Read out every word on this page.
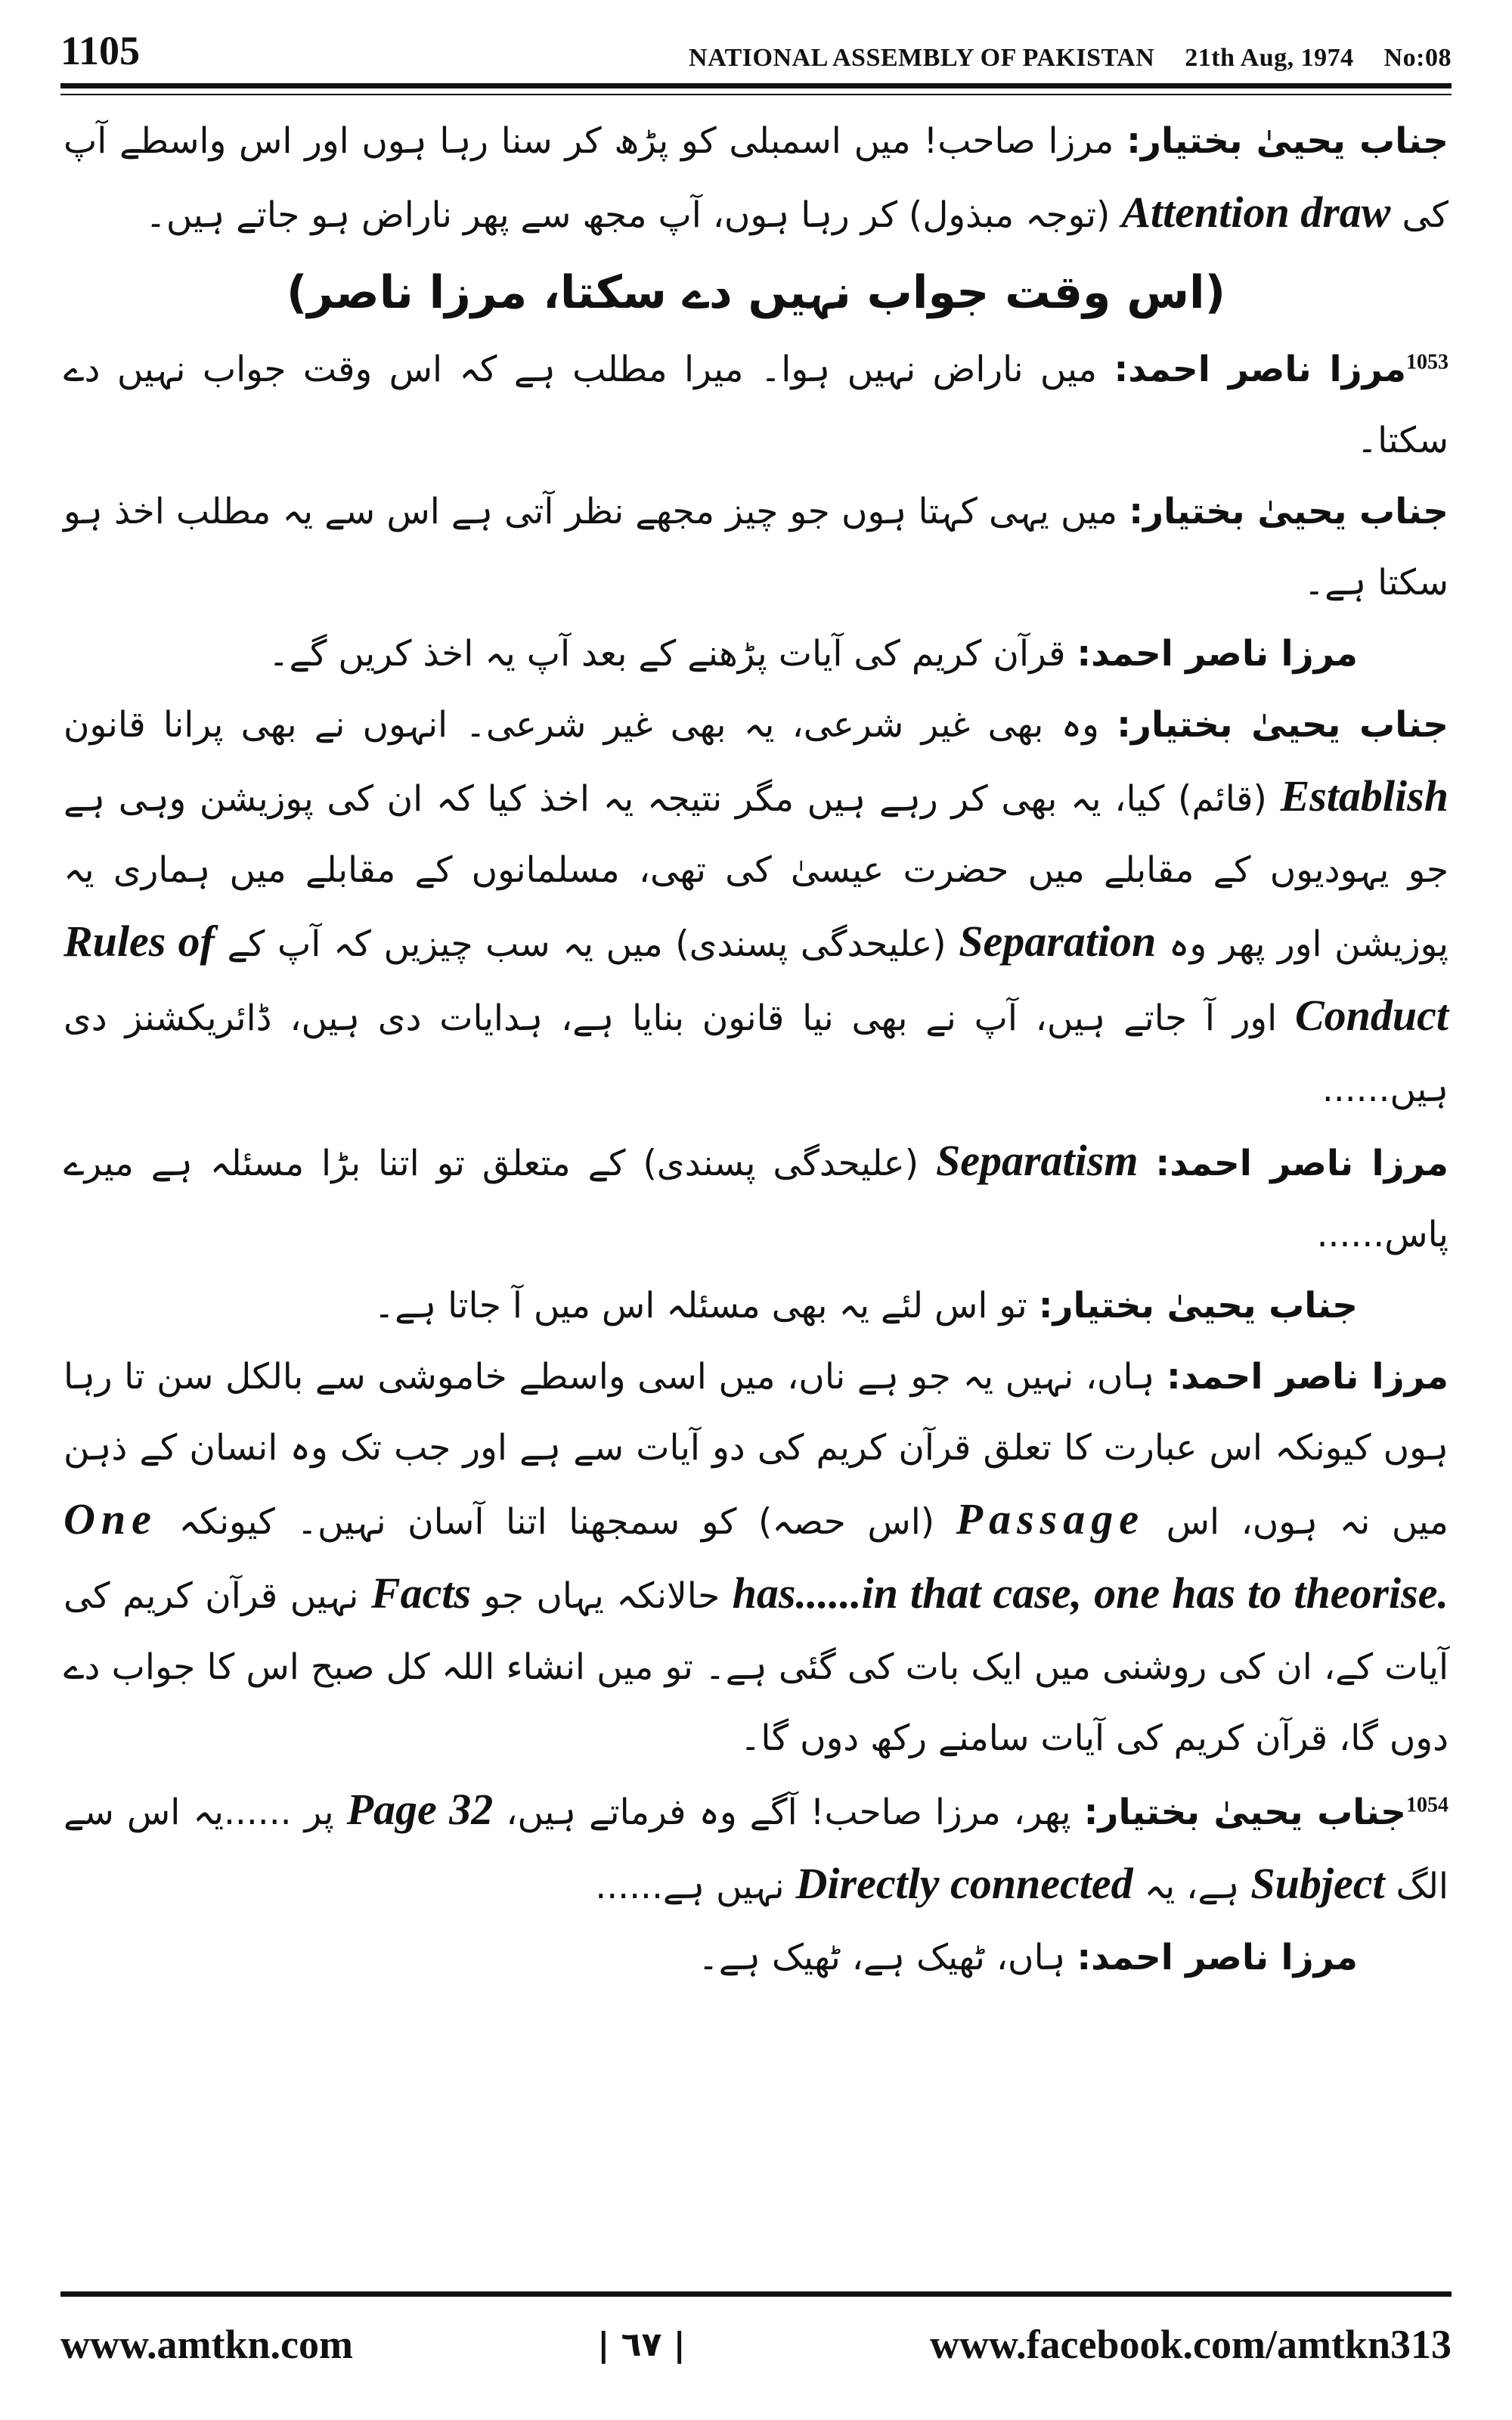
1105	NATIONAL ASSEMBLY OF PAKISTAN 21th Aug, 1974 No:08

جناب یحییٰ بختیار: مرزا صاحب! میں اسمبلی کو پڑھ کر سنا رہا ہوں اور اس واسطے آپ کی Attention draw (توجہ مبذول) کر رہا ہوں، آپ مجھ سے پھر ناراض ہو جاتے ہیں۔

(اس وقت جواب نہیں دے سکتا، مرزا ناصر)

$^{1053}$مرزا ناصر احمد: میں ناراض نہیں ہوا۔ میرا مطلب ہے کہ اس وقت جواب نہیں دے سکتا۔

جناب یحییٰ بختیار: میں یہی کہتا ہوں جو چیز مجھے نظر آتی ہے اس سے یہ مطلب اخذ ہو سکتا ہے۔

مرزا ناصر احمد: قرآن کریم کی آیات پڑھنے کے بعد آپ یہ اخذ کریں گے۔

جناب یحییٰ بختیار: وہ بھی غیر شرعی، یہ بھی غیر شرعی۔ انہوں نے بھی پرانا قانون Establish (قائم) کیا، یہ بھی کر رہے ہیں مگر نتیجہ یہ اخذ کیا کہ ان کی پوزیشن وہی ہے جو یہودیوں کے مقابلے میں حضرت عیسیٰ کی تھی، مسلمانوں کے مقابلے میں ہماری یہ پوزیشن اور پھر وہ Separation (علیحدگی پسندی) میں یہ سب چیزیں کہ آپ کے Rules of Conduct اور آ جاتے ہیں، آپ نے بھی نیا قانون بنایا ہے، ہدایات دی ہیں، ڈائریکشنز دی ہیں......

مرزا ناصر احمد: Separatism (علیحدگی پسندی) کے متعلق تو اتنا بڑا مسئلہ ہے میرے پاس......

جناب یحییٰ بختیار: تو اس لئے یہ بھی مسئلہ اس میں آ جاتا ہے۔

مرزا ناصر احمد: ہاں، نہیں یہ جو ہے ناں، میں اسی واسطے خاموشی سے بالکل سن تا رہا ہوں کیونکہ اس عبارت کا تعلق قرآن کریم کی دو آیات سے ہے اور جب تک وہ انسان کے ذہن میں نہ ہوں، اس Passage (اس حصہ) کو سمجھنا اتنا آسان نہیں۔ کیونکہ One has......in that case, one has to theorise. حالانکہ یہاں جو Facts نہیں قرآن کریم کی آیات کے، ان کی روشنی میں ایک بات کی گئی ہے۔ تو میں انشاء اللہ کل صبح اس کا جواب دے دوں گا، قرآن کریم کی آیات سامنے رکھ دوں گا۔

$^{1054}$جناب یحییٰ بختیار: پھر، مرزا صاحب! آگے وہ فرماتے ہیں، Page 32 پر ......یہ اس سے الگ Subject ہے، یہ Directly connected نہیں ہے......

مرزا ناصر احمد: ہاں، ٹھیک ہے، ٹھیک ہے۔

www.amtkn.com	| ٦٧ |	www.facebook.com/amtkn313
